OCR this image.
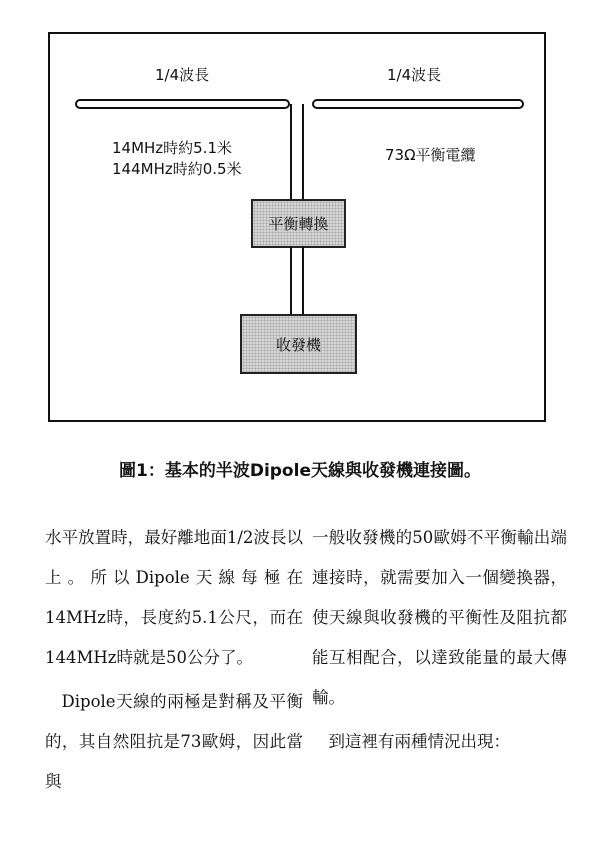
1/4波長	1/4波長
14MHz時約5.1米
144MHz時約0.5米
73Ω平衡電纜
平衡轉換
收發機
圖1：基本的半波Dipole天線與收發機連接圖。

水平放置時，最好離地面1/2波長以上。所以Dipole天線每極在14MHz時，長度約5.1公尺，而在144MHz時就是50公分了。

Dipole天線的兩極是對稱及平衡的，其自然阻抗是73歐姆，因此當與

一般收發機的50歐姆不平衡輸出端連接時，就需要加入一個變換器，使天線與收發機的平衡性及阻抗都能互相配合，以達致能量的最大傳輸。

到這裡有兩種情況出現：
